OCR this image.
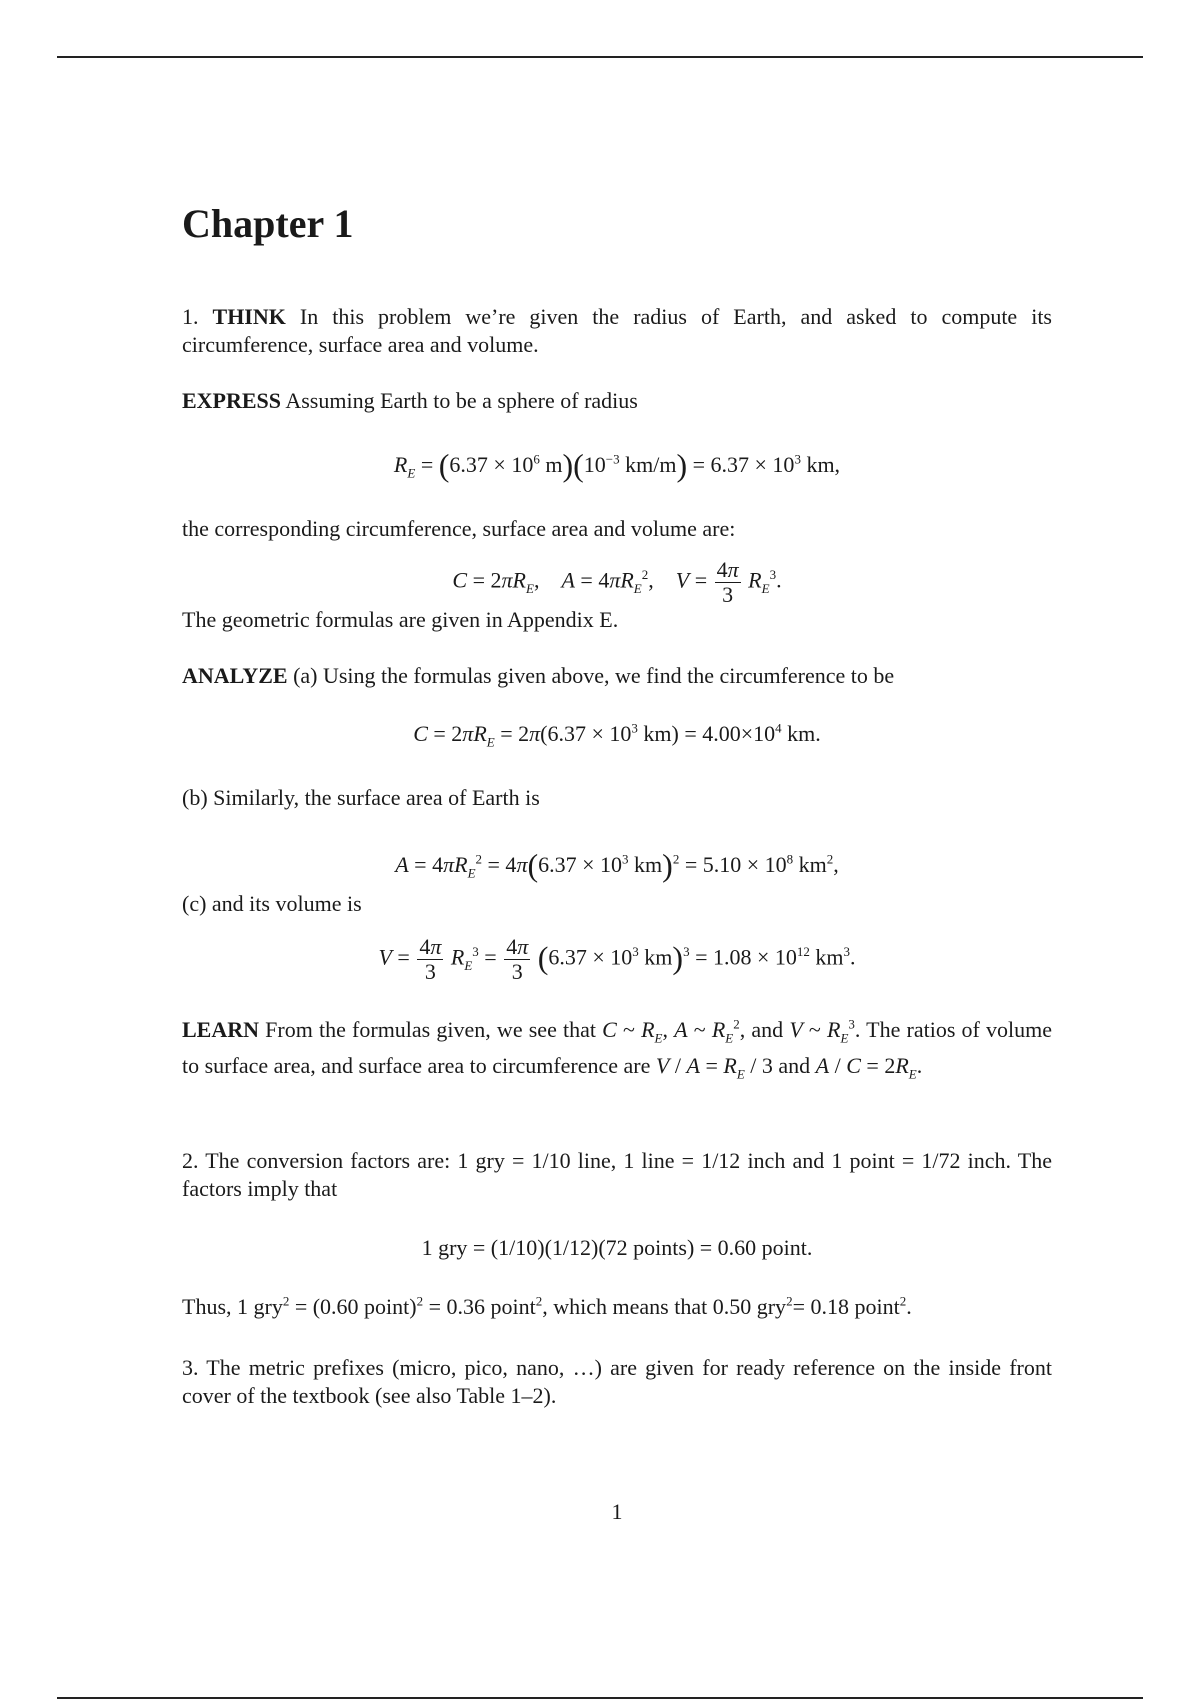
Chapter 1
1. THINK In this problem we’re given the radius of Earth, and asked to compute its circumference, surface area and volume.
EXPRESS Assuming Earth to be a sphere of radius
$R_E = (6.37 \times 10^6$ $m)(10^{-3}$ $km/m) = 6.37 \times 10^3$ km,
the corresponding circumference, surface area and volume are:
$C = 2\pi R_E$, $A = 4\pi R_E^2$, $V = \frac{4\pi}{3} R_E^3$.
The geometric formulas are given in Appendix E.
ANALYZE (a) Using the formulas given above, we find the circumference to be
$C = 2\pi R_E = 2\pi(6.37 \times 10^3$ $km) = 4.00\times 10^4$ km.
(b) Similarly, the surface area of Earth is
$A = 4\pi R_E^2 = 4\pi(6.37 \times 10^3$ $km)^2 = 5.10 \times 10^8$ $km^2$,
(c) and its volume is
$V = \frac{4\pi}{3} R_E^3 = \frac{4\pi}{3} (6.37 \times 10^3$ $km)^3 = 1.08 \times 10^{12}$ $km^3$.
LEARN From the formulas given, we see that C ~ $R_E$, A ~ $R_E^2$, and V ~ $R_E^3$. The ratios of volume to surface area, and surface area to circumference are $V / A = R_E / 3$ and $A / C = 2R_E$.
2. The conversion factors are: 1 gry = 1/10 line, 1 line = 1/12 inch and 1 point = 1/72 inch. The factors imply that
1 gry = (1/10)(1/12)(72 points) = 0.60 point.
Thus, 1 gry$^2$ = (0.60 point)$^2$ = 0.36 point$^2$, which means that 0.50 gry$^2$= 0.18 point$^2$.
3. The metric prefixes (micro, pico, nano, …) are given for ready reference on the inside front cover of the textbook (see also Table 1–2).
1
